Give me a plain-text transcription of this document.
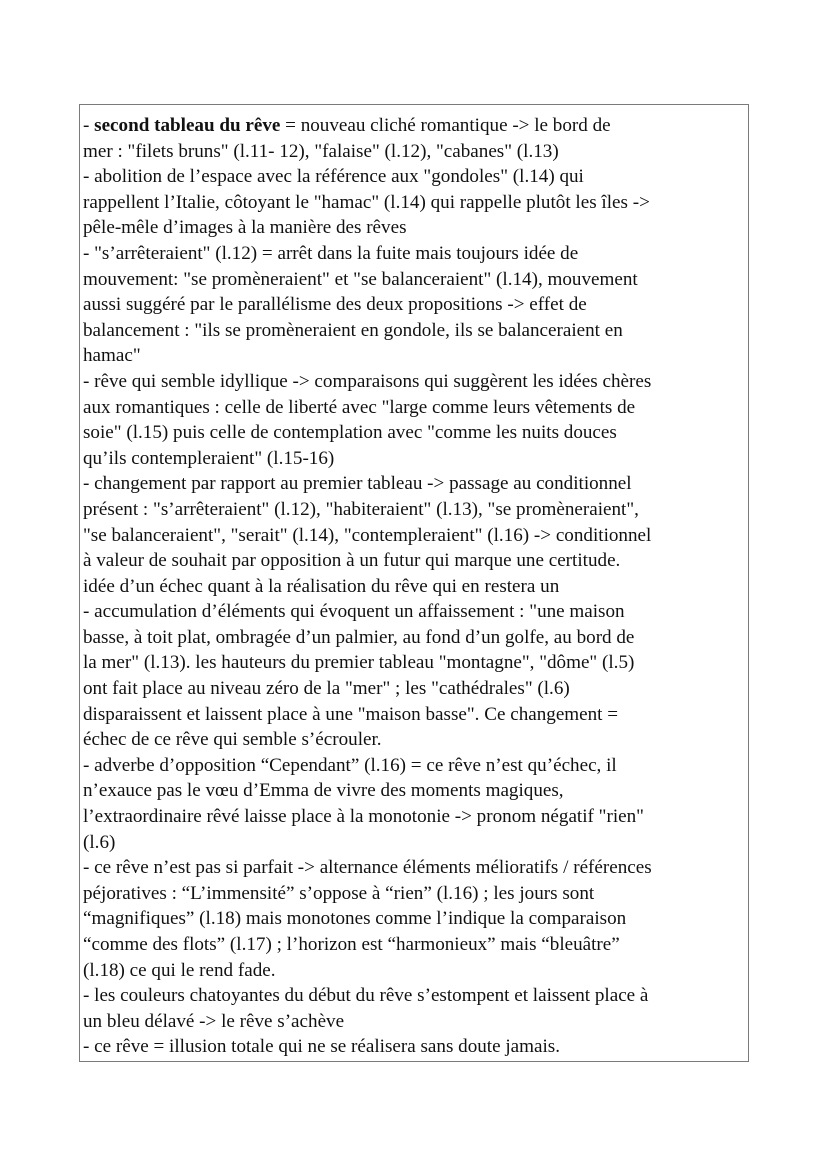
- second tableau du rêve = nouveau cliché romantique -> le bord de
mer : "filets bruns" (l.11- 12), "falaise" (l.12), "cabanes" (l.13)
- abolition de l’espace avec la référence aux "gondoles" (l.14) qui
rappellent l’Italie, côtoyant le "hamac" (l.14) qui rappelle plutôt les îles ->
pêle-mêle d’images à la manière des rêves
- "s’arrêteraient" (l.12) = arrêt dans la fuite mais toujours idée de
mouvement: "se promèneraient" et "se balanceraient" (l.14), mouvement
aussi suggéré par le parallélisme des deux propositions -> effet de
balancement : "ils se promèneraient en gondole, ils se balanceraient en
hamac"
- rêve qui semble idyllique -> comparaisons qui suggèrent les idées chères
aux romantiques : celle de liberté avec "large comme leurs vêtements de
soie" (l.15) puis celle de contemplation avec "comme les nuits douces
qu’ils contempleraient" (l.15-16)
- changement par rapport au premier tableau -> passage au conditionnel
présent : "s’arrêteraient" (l.12), "habiteraient" (l.13), "se promèneraient",
"se balanceraient", "serait" (l.14), "contempleraient" (l.16) -> conditionnel
à valeur de souhait par opposition à un futur qui marque une certitude.
idée d’un échec quant à la réalisation du rêve qui en restera un
- accumulation d’éléments qui évoquent un affaissement : "une maison
basse, à toit plat, ombragée d’un palmier, au fond d’un golfe, au bord de
la mer" (l.13). les hauteurs du premier tableau "montagne", "dôme" (l.5)
ont fait place au niveau zéro de la "mer" ; les "cathédrales" (l.6)
disparaissent et laissent place à une "maison basse". Ce changement =
échec de ce rêve qui semble s’écrouler.
- adverbe d’opposition “Cependant” (l.16) = ce rêve n’est qu’échec, il
n’exauce pas le vœu d’Emma de vivre des moments magiques,
l’extraordinaire rêvé laisse place à la monotonie -> pronom négatif "rien"
(l.6)
- ce rêve n’est pas si parfait -> alternance éléments mélioratifs / références
péjoratives : “L’immensité” s’oppose à “rien” (l.16) ; les jours sont
“magnifiques” (l.18) mais monotones comme l’indique la comparaison
“comme des flots” (l.17) ; l’horizon est “harmonieux” mais “bleuâtre”
(l.18) ce qui le rend fade.
- les couleurs chatoyantes du début du rêve s’estompent et laissent place à
un bleu délavé -> le rêve s’achève
- ce rêve = illusion totale qui ne se réalisera sans doute jamais.
